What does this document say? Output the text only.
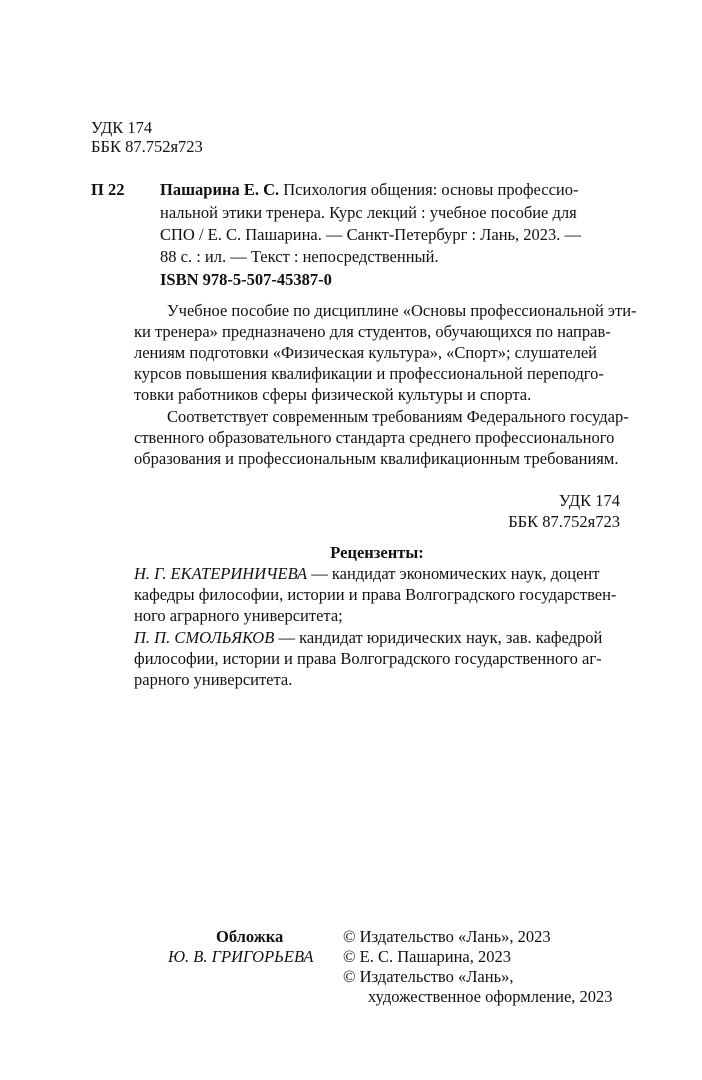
УДК 174
ББК 87.752я723
П 22 Пашарина Е. С. Психология общения: основы профессио-
нальной этики тренера. Курс лекций : учебное пособие для
СПО / Е. С. Пашарина. — Санкт-Петербург : Лань, 2023. —
88 с. : ил. — Текст : непосредственный.
ISBN 978-5-507-45387-0
Учебное пособие по дисциплине «Основы профессиональной эти-
ки тренера» предназначено для студентов, обучающихся по направ-
лениям подготовки «Физическая культура», «Спорт»; слушателей
курсов повышения квалификации и профессиональной переподго-
товки работников сферы физической культуры и спорта.
Соответствует современным требованиям Федерального государ-
ственного образовательного стандарта среднего профессионального
образования и профессиональным квалификационным требованиям.
УДК 174
ББК 87.752я723
Рецензенты:
Н. Г. ЕКАТЕРИНИЧЕВА — кандидат экономических наук, доцент
кафедры философии, истории и права Волгоградского государствен-
ного аграрного университета;
П. П. СМОЛЬЯКОВ — кандидат юридических наук, зав. кафедрой
философии, истории и права Волгоградского государственного аг-
рарного университета.
Обложка
Ю. В. ГРИГОРЬЕВА
© Издательство «Лань», 2023
© Е. С. Пашарина, 2023
© Издательство «Лань»,
художественное оформление, 2023
